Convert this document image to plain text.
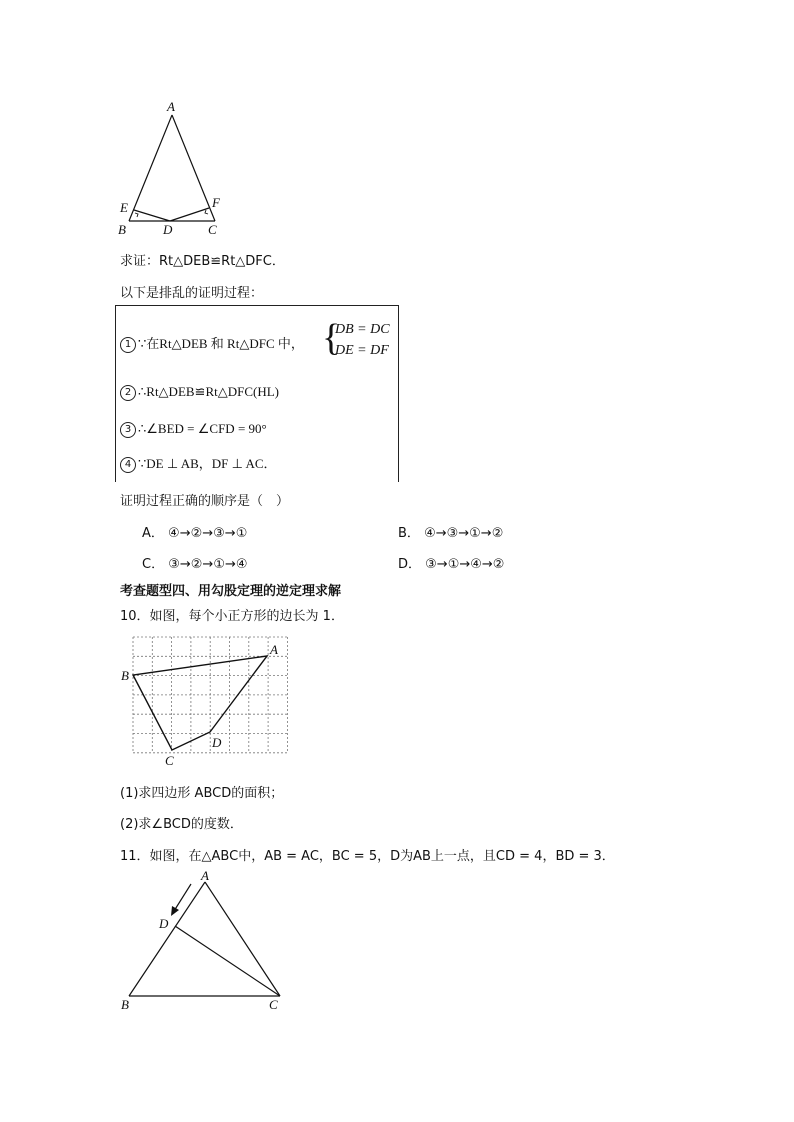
A
E	F
B	D	C
求证：Rt△DEB≌Rt△DFC．
以下是排乱的证明过程：
1 ∵在Rt△DEB 和 Rt△DFC 中， {
DB = DC
DE = DF
2 ∴Rt△DEB≌Rt△DFC(HL)
3 ∴∠BED = ∠CFD = 90°
4 ∵DE ⊥ AB，DF ⊥ AC．
证明过程正确的顺序是（　）
A． ④→②→③→①	B． ④→③→①→②
C． ③→②→①→④	D． ③→①→④→②
考查题型四、用勾股定理的逆定理求解
10．如图，每个小正方形的边长为 1．
A
B
C
D
(1)求四边形 ABCD的面积；
(2)求∠BCD的度数．
11．如图，在△ABC中，AB = AC，BC = 5，D为AB上一点，且CD = 4，BD = 3．
A
D
B	C
